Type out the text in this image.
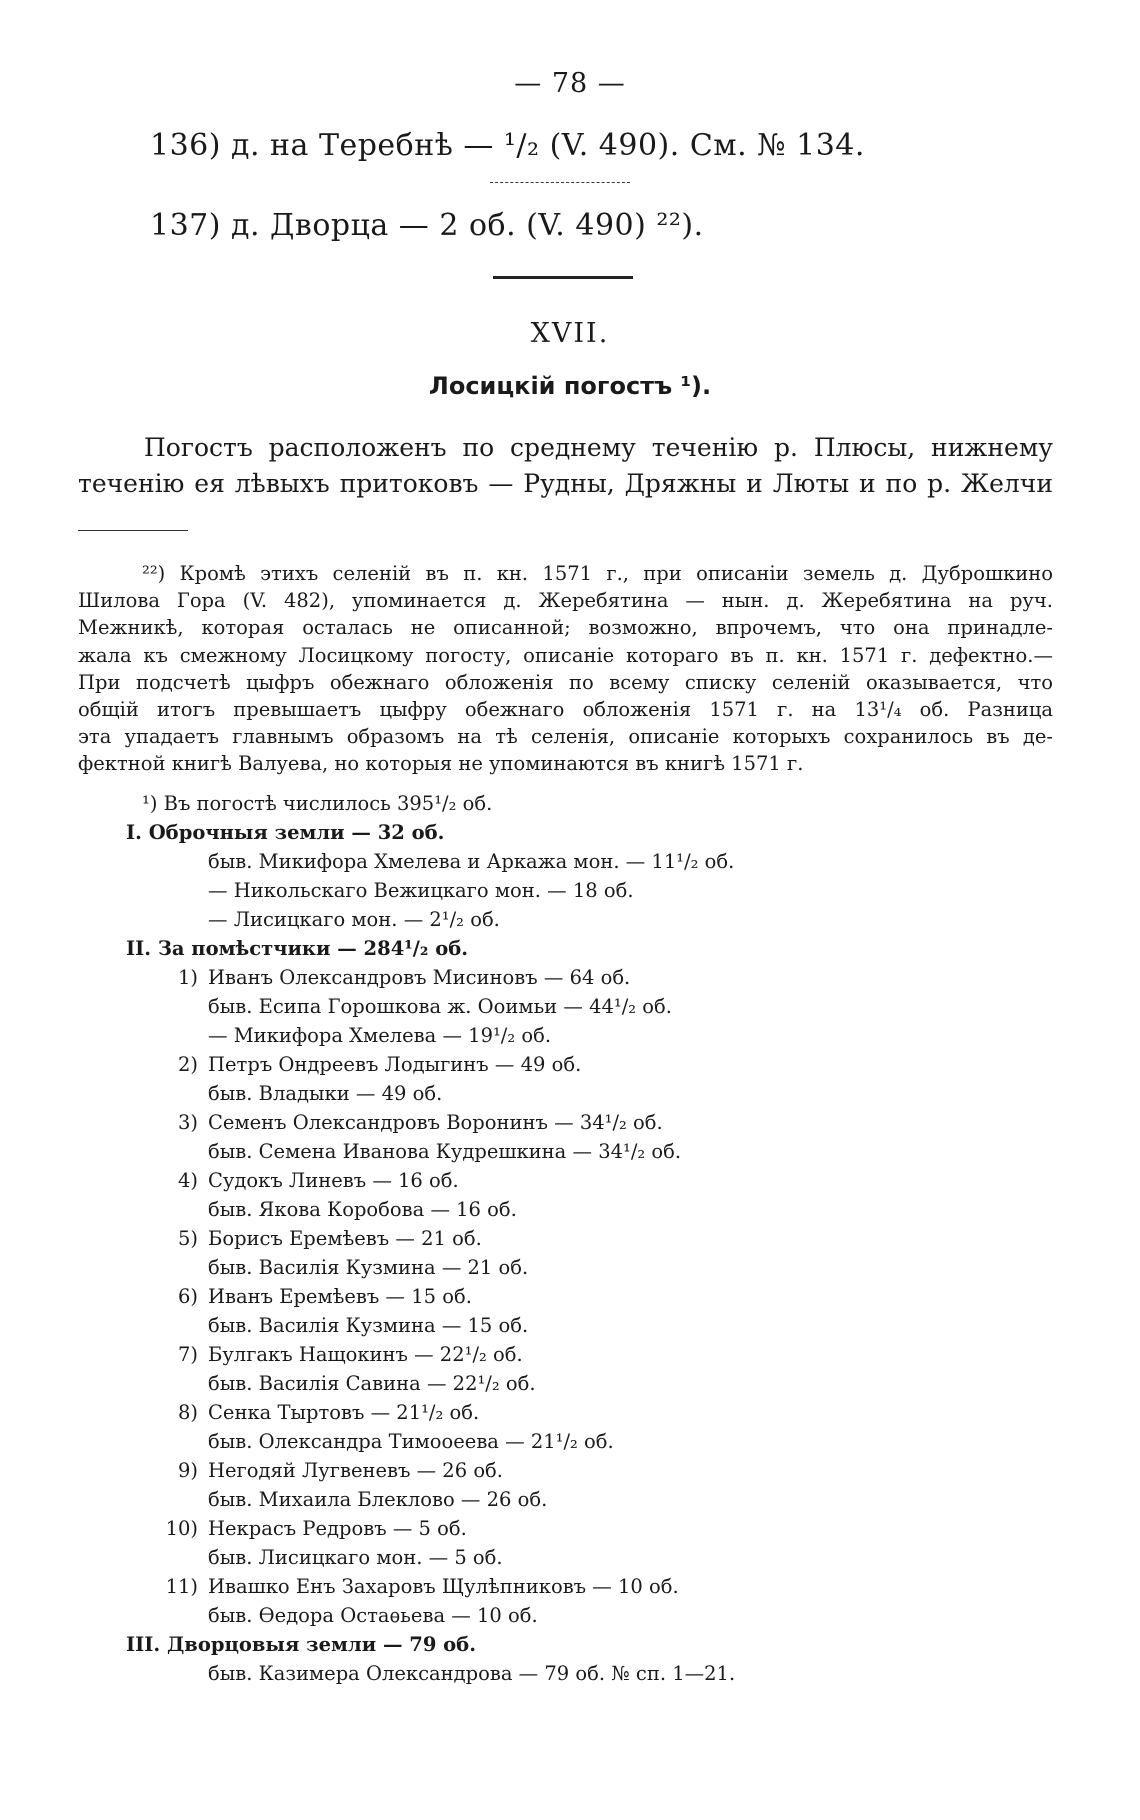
— 78 —
136) д. на Теребнѣ — ¹/₂ (V. 490). См. № 134.
137) д. Дворца — 2 об. (V. 490) ²²).
XVII.
Лосицкій погостъ ¹).
Погостъ расположенъ по среднему теченію р. Плюсы, нижнему
теченію ея лѣвыхъ притоковъ — Рудны, Дряжны и Люты и по р. Желчи
²²) Кромѣ этихъ селеній въ п. кн. 1571 г., при описаніи земель д. Дуброшкино
Шилова Гора (V. 482), упоминается д. Жеребятина — нын. д. Жеребятина на руч.
Межникѣ, которая осталась не описанной; возможно, впрочемъ, что она принадле-
жала къ смежному Лосицкому погосту, описаніе котораго въ п. кн. 1571 г. дефектно.—
При подсчетѣ цыфръ обежнаго обложенія по всему списку селеній оказывается, что
общій итогъ превышаетъ цыфру обежнаго обложенія 1571 г. на 13¹/₄ об. Разница
эта упадаетъ главнымъ образомъ на тѣ селенія, описаніе которыхъ сохранилось въ де-
фектной книгѣ Валуева, но которыя не упоминаются въ книгѣ 1571 г.
¹) Въ погостѣ числилось 395¹/₂ об.
I. Оброчныя земли — 32 об.
быв. Микифора Хмелева и Аркажа мон. — 11¹/₂ об.
— Никольскаго Вежицкаго мон. — 18 об.
— Лисицкаго мон. — 2¹/₂ об.
II. За помѣстчики — 284¹/₂ об.
1) Иванъ Олександровъ Мисиновъ — 64 об.
быв. Есипа Горошкова ж. Ооимьи — 44¹/₂ об.
— Микифора Хмелева — 19¹/₂ об.
2) Петръ Ондреевъ Лодыгинъ — 49 об.
быв. Владыки — 49 об.
3) Семенъ Олександровъ Воронинъ — 34¹/₂ об.
быв. Семена Иванова Кудрешкина — 34¹/₂ об.
4) Судокъ Линевъ — 16 об.
быв. Якова Коробова — 16 об.
5) Борисъ Еремѣевъ — 21 об.
быв. Василія Кузмина — 21 об.
6) Иванъ Еремѣевъ — 15 об.
быв. Василія Кузмина — 15 об.
7) Булгакъ Нащокинъ — 22¹/₂ об.
быв. Василія Савина — 22¹/₂ об.
8) Сенка Тыртовъ — 21¹/₂ об.
быв. Олександра Тимооеева — 21¹/₂ об.
9) Негодяй Лугвеневъ — 26 об.
быв. Михаила Блеклово — 26 об.
10) Некрасъ Редровъ — 5 об.
быв. Лисицкаго мон. — 5 об.
11) Ивашко Енъ Захаровъ Щулѣпниковъ — 10 об.
быв. Өедора Остаѳьева — 10 об.
III. Дворцовыя земли — 79 об.
быв. Казимера Олександрова — 79 об. № сп. 1—21.
